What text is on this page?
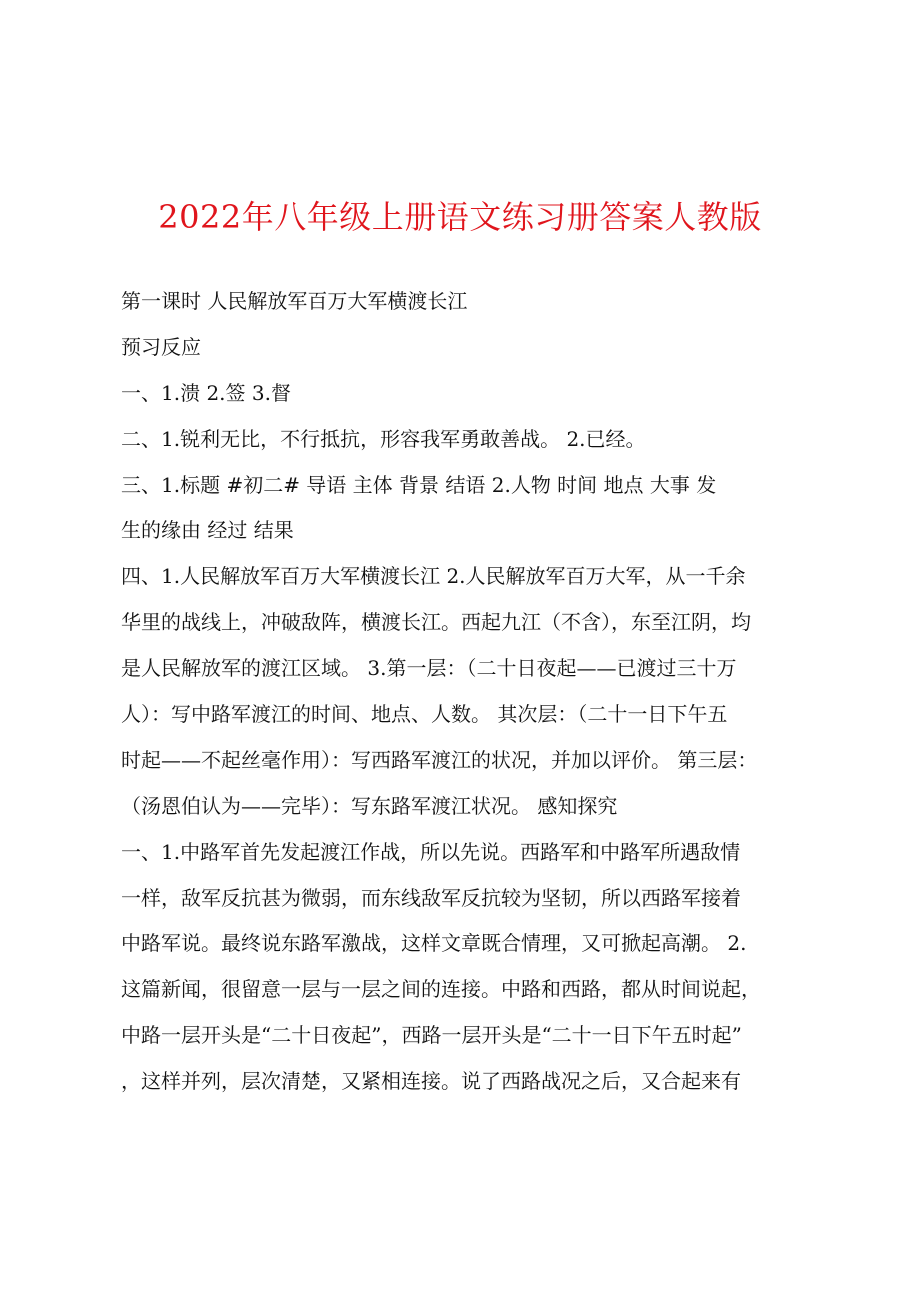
2022年八年级上册语文练习册答案人教版
第一课时 人民解放军百万大军横渡长江
预习反应
一、1.溃 2.签 3.督
二、1.锐利无比，不行抵抗，形容我军勇敢善战。 2.已经。
三、1.标题 #初二# 导语 主体 背景 结语 2.人物 时间 地点 大事 发
生的缘由 经过 结果
四、1.人民解放军百万大军横渡长江 2.人民解放军百万大军，从一千余
华里的战线上，冲破敌阵，横渡长江。西起九江（不含），东至江阴，均
是人民解放军的渡江区域。 3.第一层：（二十日夜起——已渡过三十万
人）：写中路军渡江的时间、地点、人数。 其次层：（二十一日下午五
时起——不起丝毫作用）：写西路军渡江的状况，并加以评价。 第三层：
（汤恩伯认为——完毕）：写东路军渡江状况。 感知探究
一、1.中路军首先发起渡江作战，所以先说。西路军和中路军所遇敌情
一样，敌军反抗甚为微弱，而东线敌军反抗较为坚韧，所以西路军接着
中路军说。最终说东路军激战，这样文章既合情理，又可掀起高潮。 2.
这篇新闻，很留意一层与一层之间的连接。中路和西路，都从时间说起，
中路一层开头是“二十日夜起”，西路一层开头是“二十一日下午五时起”
，这样并列，层次清楚，又紧相连接。说了西路战况之后，又合起来有
